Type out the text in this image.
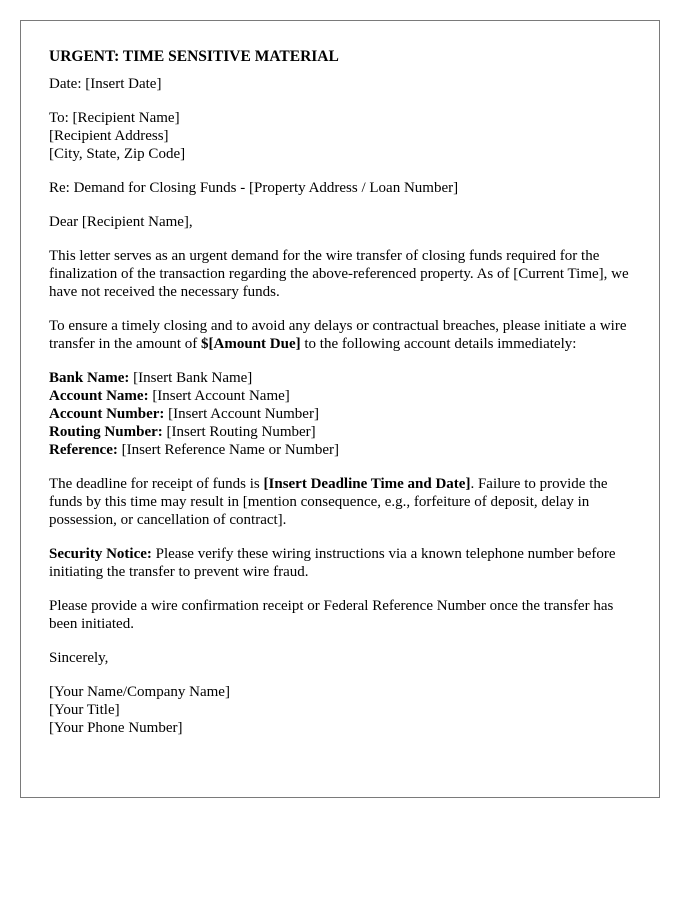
URGENT: TIME SENSITIVE MATERIAL

Date: [Insert Date]

To: [Recipient Name]
[Recipient Address]
[City, State, Zip Code]

Re: Demand for Closing Funds - [Property Address / Loan Number]

Dear [Recipient Name],

This letter serves as an urgent demand for the wire transfer of closing funds required for the finalization of the transaction regarding the above-referenced property. As of [Current Time], we have not received the necessary funds.

To ensure a timely closing and to avoid any delays or contractual breaches, please initiate a wire transfer in the amount of $[Amount Due] to the following account details immediately:

Bank Name: [Insert Bank Name]
Account Name: [Insert Account Name]
Account Number: [Insert Account Number]
Routing Number: [Insert Routing Number]
Reference: [Insert Reference Name or Number]

The deadline for receipt of funds is [Insert Deadline Time and Date]. Failure to provide the funds by this time may result in [mention consequence, e.g., forfeiture of deposit, delay in possession, or cancellation of contract].

Security Notice: Please verify these wiring instructions via a known telephone number before initiating the transfer to prevent wire fraud.

Please provide a wire confirmation receipt or Federal Reference Number once the transfer has been initiated.

Sincerely,

[Your Name/Company Name]
[Your Title]
[Your Phone Number]
